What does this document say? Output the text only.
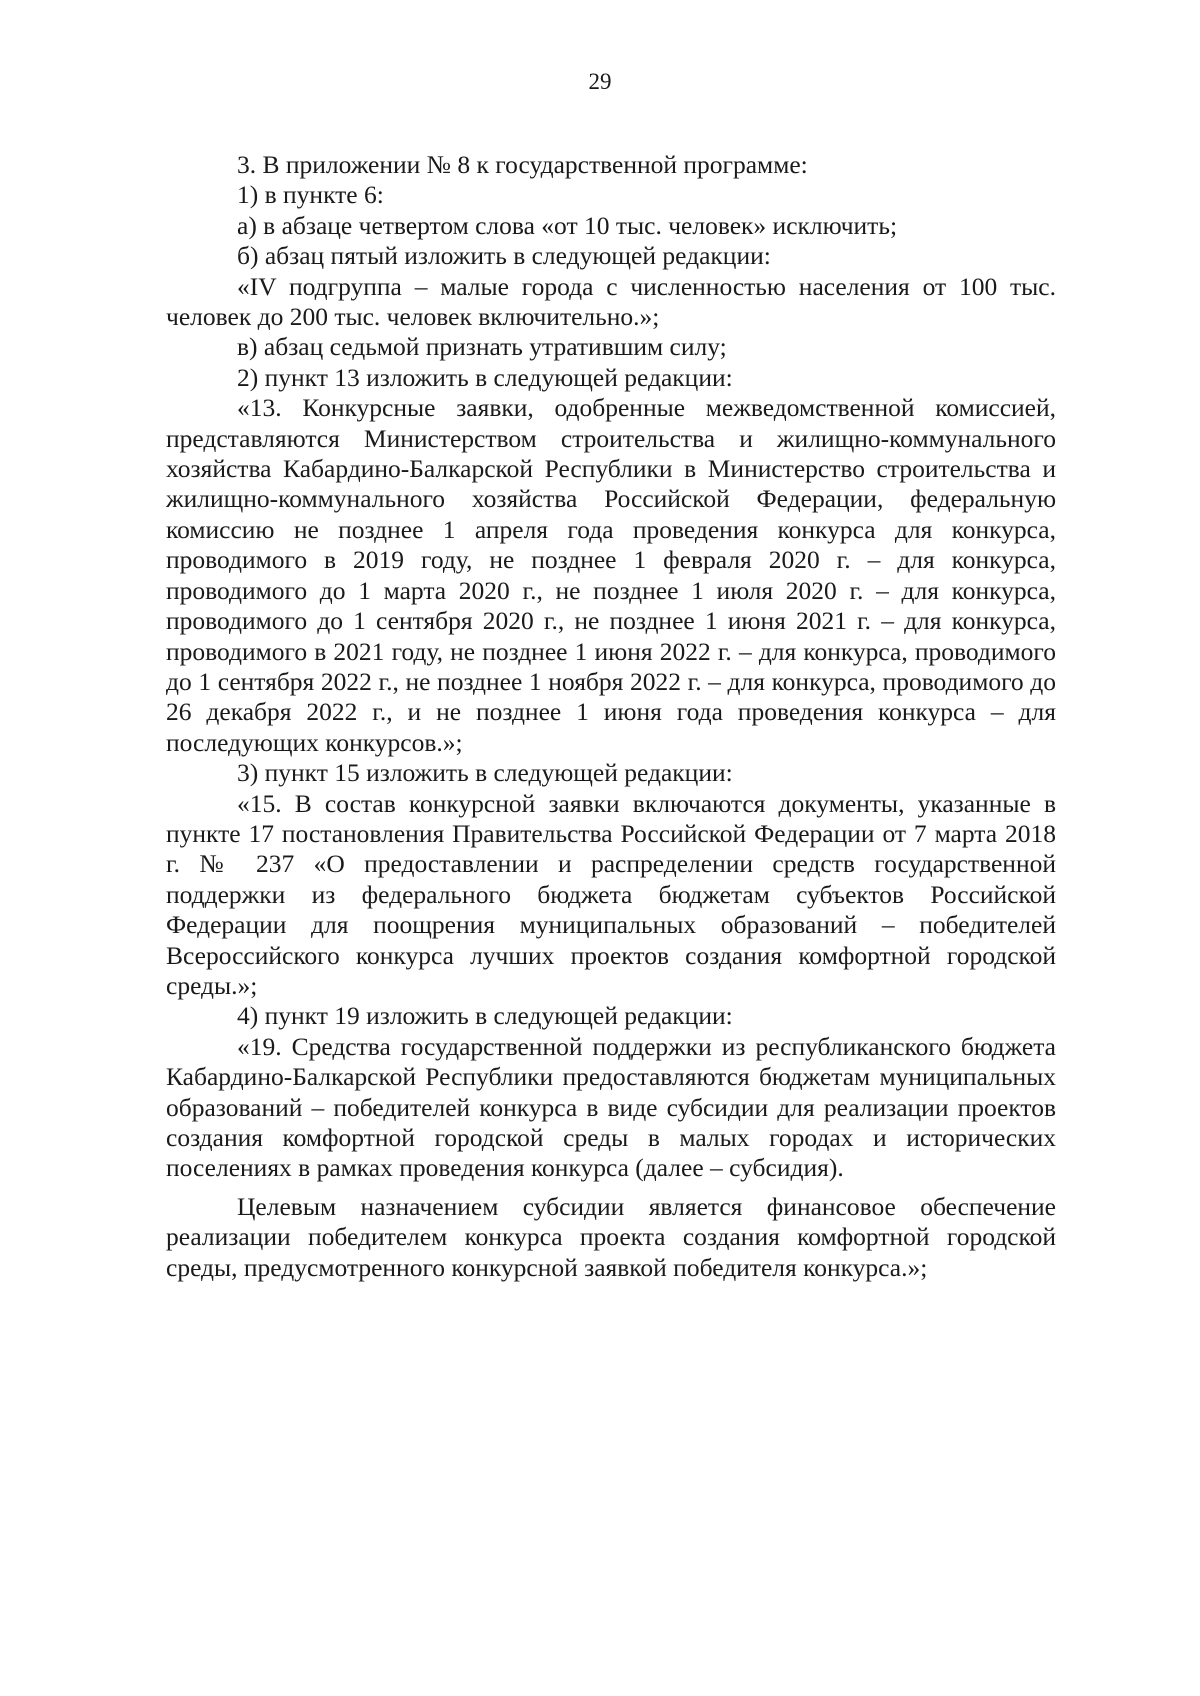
29

3. В приложении № 8 к государственной программе:

1) в пункте 6:

а) в абзаце четвертом слова «от 10 тыс. человек» исключить;

б) абзац пятый изложить в следующей редакции:

«IV подгруппа – малые города с численностью населения от 100 тыс. человек до 200 тыс. человек включительно.»;

в) абзац седьмой признать утратившим силу;

2) пункт 13 изложить в следующей редакции:

«13. Конкурсные заявки, одобренные межведомственной комиссией, представляются Министерством строительства и жилищно-коммунального хозяйства Кабардино-Балкарской Республики в Министерство строительства и жилищно-коммунального хозяйства Российской Федерации, федеральную комиссию не позднее 1 апреля года проведения конкурса для конкурса, проводимого в 2019 году, не позднее 1 февраля 2020 г. – для конкурса, проводимого до 1 марта 2020 г., не позднее 1 июля 2020 г. – для конкурса, проводимого до 1 сентября 2020 г., не позднее 1 июня 2021 г. – для конкурса, проводимого в 2021 году, не позднее 1 июня 2022 г. – для конкурса, проводимого до 1 сентября 2022 г., не позднее 1 ноября 2022 г. – для конкурса, проводимого до 26 декабря 2022 г., и не позднее 1 июня года проведения конкурса – для последующих конкурсов.»;

3) пункт 15 изложить в следующей редакции:

«15. В состав конкурсной заявки включаются документы, указанные в пункте 17 постановления Правительства Российской Федерации от 7 марта 2018 г. № 237 «О предоставлении и распределении средств государственной поддержки из федерального бюджета бюджетам субъектов Российской Федерации для поощрения муниципальных образований – победителей Всероссийского конкурса лучших проектов создания комфортной городской среды.»;

4) пункт 19 изложить в следующей редакции:

«19. Средства государственной поддержки из республиканского бюджета Кабардино-Балкарской Республики предоставляются бюджетам муниципальных образований – победителей конкурса в виде субсидии для реализации проектов создания комфортной городской среды в малых городах и исторических поселениях в рамках проведения конкурса (далее – субсидия).

Целевым назначением субсидии является финансовое обеспечение реализации победителем конкурса проекта создания комфортной городской среды, предусмотренного конкурсной заявкой победителя конкурса.»;
